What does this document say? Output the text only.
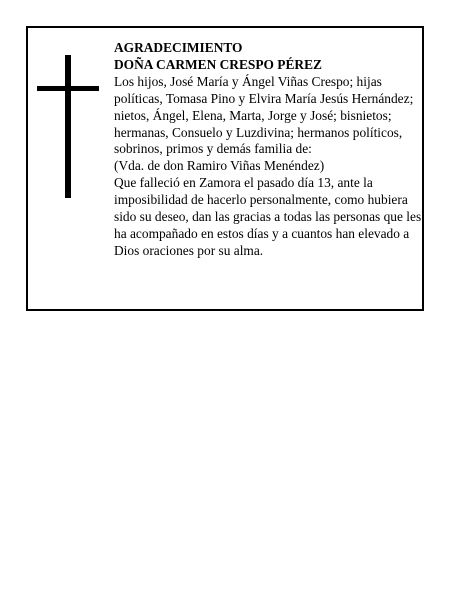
AGRADECIMIENTO

DOÑA CARMEN CRESPO PÉREZ

Los hijos, José María y Ángel Viñas Crespo; hijas políticas, Tomasa Pino y Elvira María Jesús Hernández; nietos, Ángel, Elena, Marta, Jorge y José; bisnietos; hermanas, Consuelo y Luzdivina; hermanos políticos, sobrinos, primos y demás familia de:

(Vda. de don Ramiro Viñas Menéndez)

Que falleció en Zamora el pasado día 13, ante la imposibilidad de hacerlo personalmente, como hubiera sido su deseo, dan las gracias a todas las personas que les ha acompañado en estos días y a cuantos han elevado a Dios oraciones por su alma.
